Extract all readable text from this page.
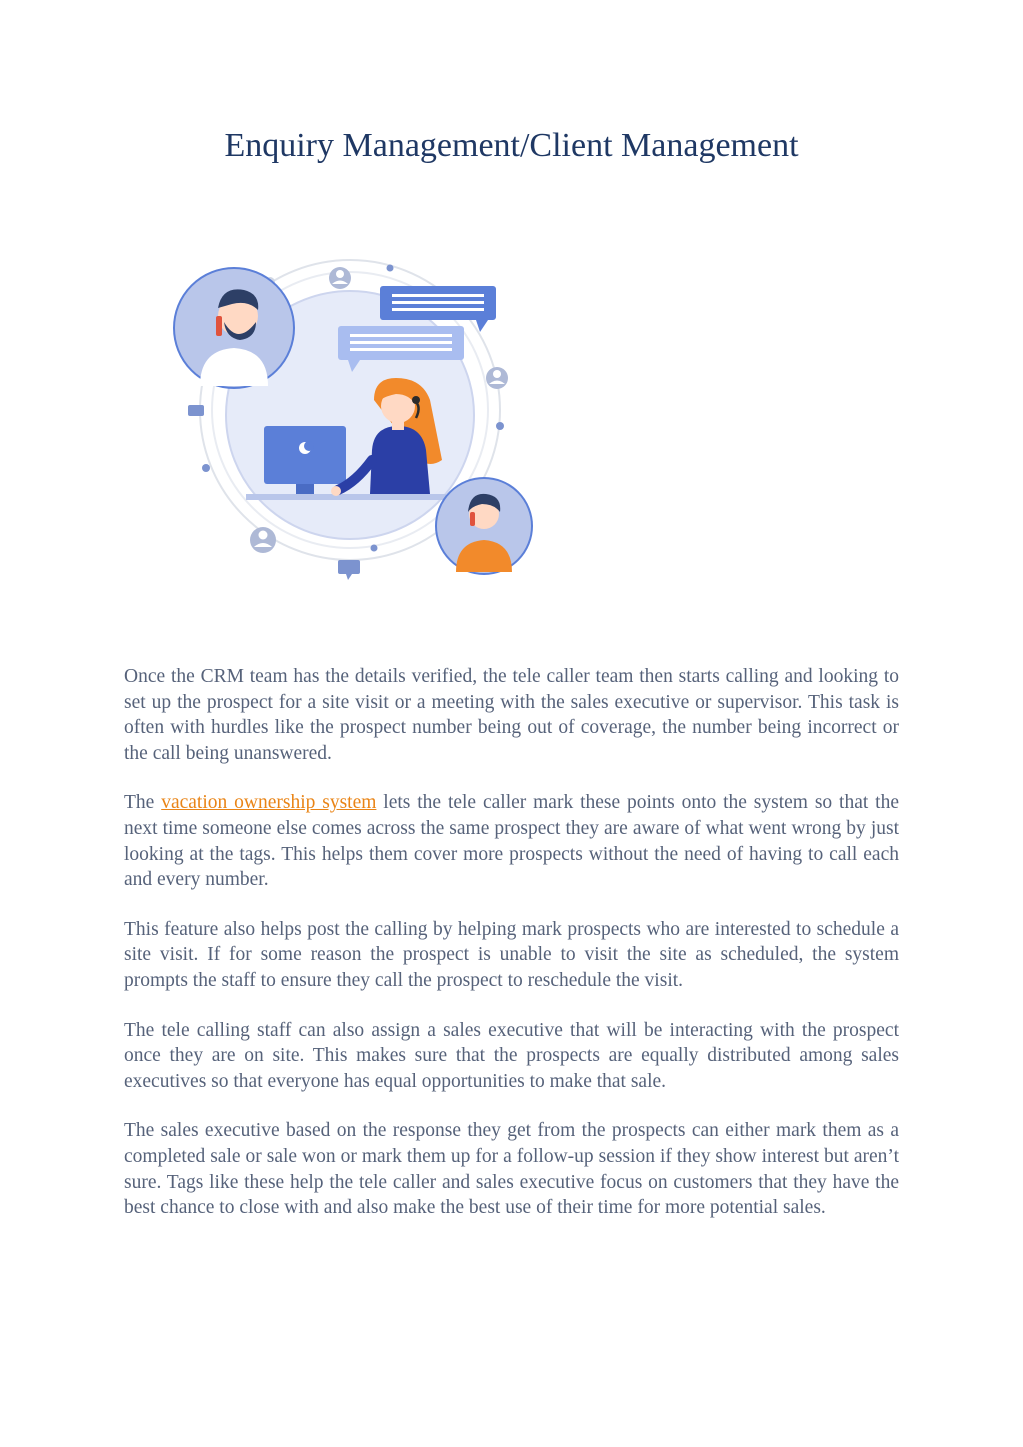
Enquiry Management/Client Management

Once the CRM team has the details verified, the tele caller team then starts calling and looking to set up the prospect for a site visit or a meeting with the sales executive or supervisor. This task is often with hurdles like the prospect number being out of coverage, the number being incorrect or the call being unanswered.

The vacation ownership system lets the tele caller mark these points onto the system so that the next time someone else comes across the same prospect they are aware of what went wrong by just looking at the tags. This helps them cover more prospects without the need of having to call each and every number.

This feature also helps post the calling by helping mark prospects who are interested to schedule a site visit. If for some reason the prospect is unable to visit the site as scheduled, the system prompts the staff to ensure they call the prospect to reschedule the visit.

The tele calling staff can also assign a sales executive that will be interacting with the prospect once they are on site. This makes sure that the prospects are equally distributed among sales executives so that everyone has equal opportunities to make that sale.

The sales executive based on the response they get from the prospects can either mark them as a completed sale or sale won or mark them up for a follow-up session if they show interest but aren’t sure. Tags like these help the tele caller and sales executive focus on customers that they have the best chance to close with and also make the best use of their time for more potential sales.
